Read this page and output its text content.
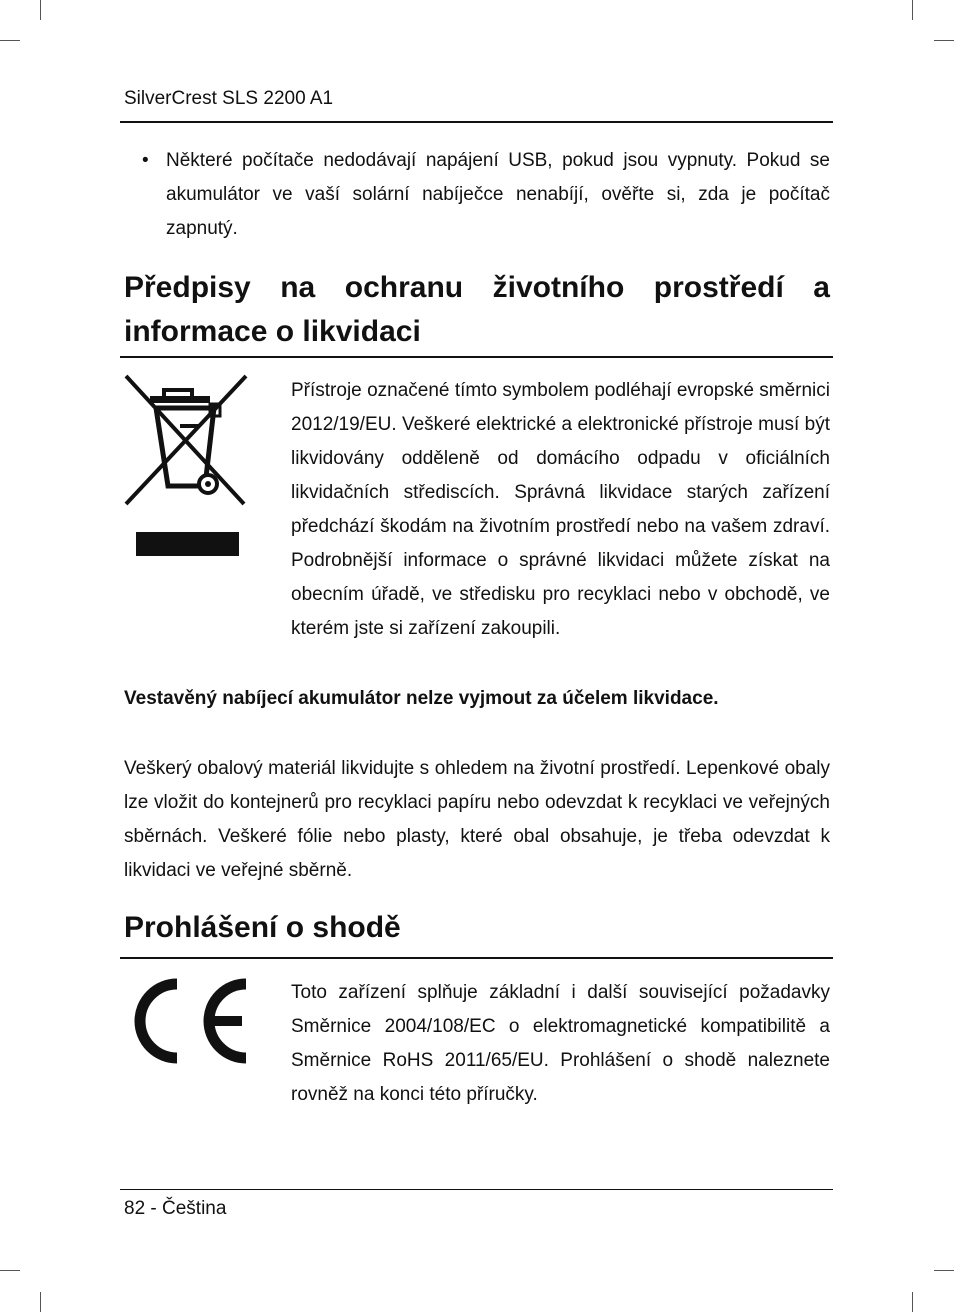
SilverCrest SLS 2200 A1
• Některé počítače nedodávají napájení USB, pokud jsou vypnuty. Pokud se akumulátor ve vaší solární nabíječce nenabíjí, ověřte si, zda je počítač zapnutý.
Předpisy na ochranu životního prostředí a informace o likvidaci
Přístroje označené tímto symbolem podléhají evropské směrnici 2012/19/EU. Veškeré elektrické a elektronické přístroje musí být likvidovány odděleně od domácího odpadu v oficiálních likvidačních střediscích. Správná likvidace starých zařízení předchází škodám na životním prostředí nebo na vašem zdraví. Podrobnější informace o správné likvidaci můžete získat na obecním úřadě, ve středisku pro recyklaci nebo v obchodě, ve kterém jste si zařízení zakoupili.
Vestavěný nabíjecí akumulátor nelze vyjmout za účelem likvidace.
Veškerý obalový materiál likvidujte s ohledem na životní prostředí. Lepenkové obaly lze vložit do kontejnerů pro recyklaci papíru nebo odevzdat k recyklaci ve veřejných sběrnách. Veškeré fólie nebo plasty, které obal obsahuje, je třeba odevzdat k likvidaci ve veřejné sběrně.
Prohlášení o shodě
Toto zařízení splňuje základní i další související požadavky Směrnice 2004/108/EC o elektromagnetické kompatibilitě a Směrnice RoHS 2011/65/EU. Prohlášení o shodě naleznete rovněž na konci této příručky.
82 - Čeština
